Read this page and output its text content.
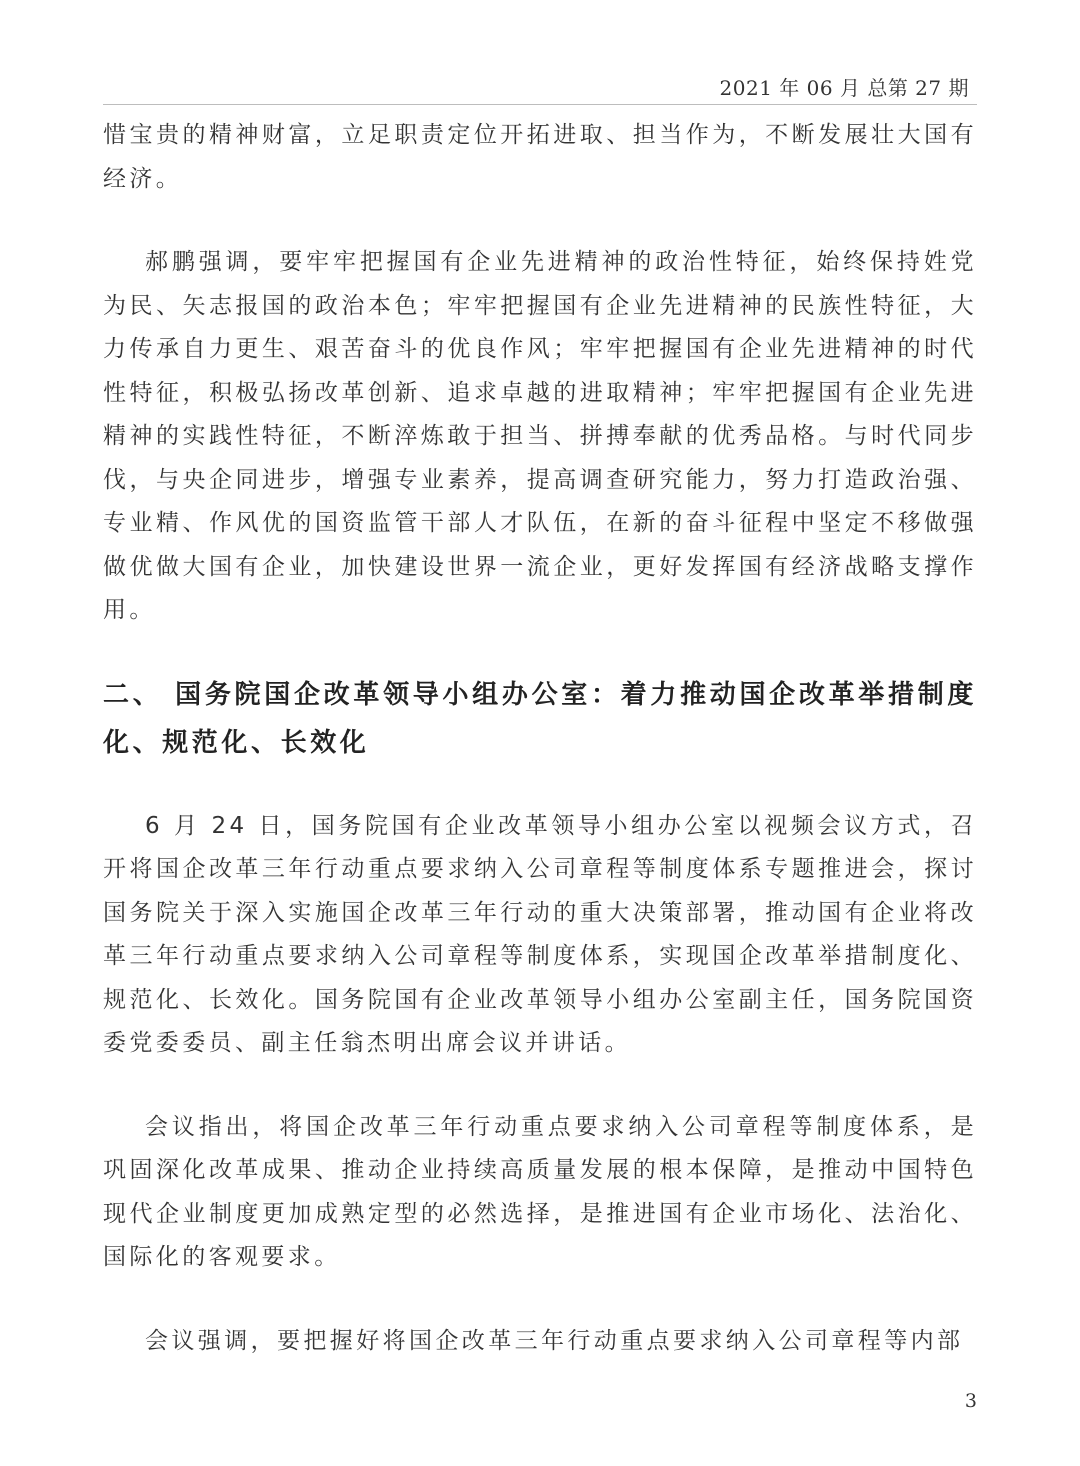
2021 年 06 月 总第 27 期

惜宝贵的精神财富，立足职责定位开拓进取、担当作为，不断发展壮大国有经济。

郝鹏强调，要牢牢把握国有企业先进精神的政治性特征，始终保持姓党为民、矢志报国的政治本色；牢牢把握国有企业先进精神的民族性特征，大力传承自力更生、艰苦奋斗的优良作风；牢牢把握国有企业先进精神的时代性特征，积极弘扬改革创新、追求卓越的进取精神；牢牢把握国有企业先进精神的实践性特征，不断淬炼敢于担当、拼搏奉献的优秀品格。与时代同步伐，与央企同进步，增强专业素养，提高调查研究能力，努力打造政治强、专业精、作风优的国资监管干部人才队伍，在新的奋斗征程中坚定不移做强做优做大国有企业，加快建设世界一流企业，更好发挥国有经济战略支撑作用。

二、 国务院国企改革领导小组办公室：着力推动国企改革举措制度化、规范化、长效化

6 月 24 日，国务院国有企业改革领导小组办公室以视频会议方式，召开将国企改革三年行动重点要求纳入公司章程等制度体系专题推进会，探讨国务院关于深入实施国企改革三年行动的重大决策部署，推动国有企业将改革三年行动重点要求纳入公司章程等制度体系，实现国企改革举措制度化、规范化、长效化。国务院国有企业改革领导小组办公室副主任，国务院国资委党委委员、副主任翁杰明出席会议并讲话。

会议指出，将国企改革三年行动重点要求纳入公司章程等制度体系，是巩固深化改革成果、推动企业持续高质量发展的根本保障，是推动中国特色现代企业制度更加成熟定型的必然选择，是推进国有企业市场化、法治化、国际化的客观要求。

会议强调，要把握好将国企改革三年行动重点要求纳入公司章程等内部

3
